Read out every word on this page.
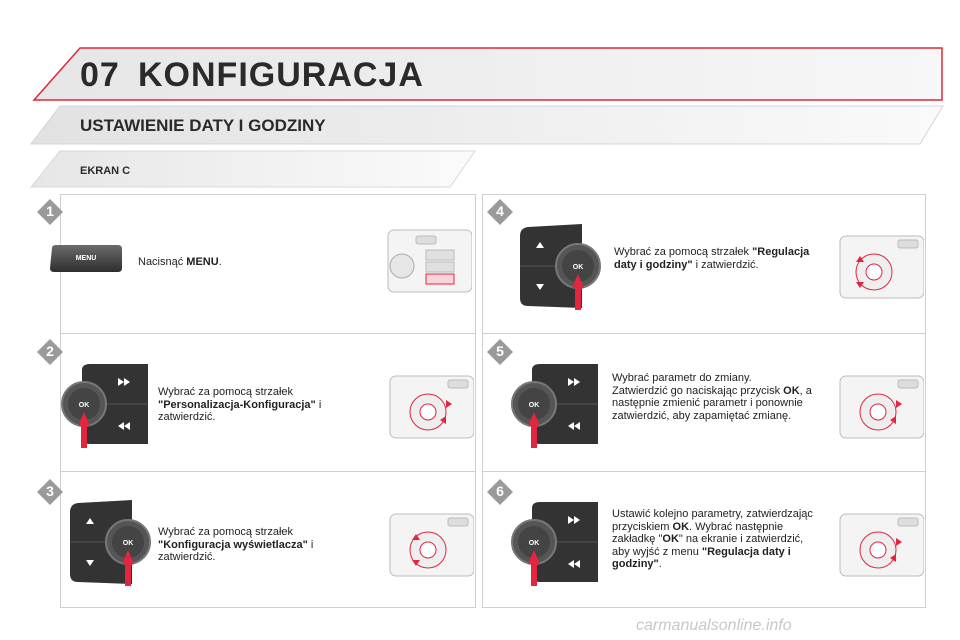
07 KONFIGURACJA
USTAWIENIE DATY I GODZINY
EKRAN C
1
2
3
4
5
6
MENU	Nacisnąć MENU.
OK
Wybrać za pomocą strzałek "Personalizacja-Konfiguracja" i zatwierdzić.
OK
Wybrać za pomocą strzałek "Konfiguracja wyświetlacza" i zatwierdzić.
OK
Wybrać za pomocą strzałek "Regulacja daty i godziny" i zatwierdzić.
OK
Wybrać parametr do zmiany.
Zatwierdzić go naciskając przycisk OK, a następnie zmienić parametr i ponownie zatwierdzić, aby zapamiętać zmianę.
OK
Ustawić kolejno parametry, zatwierdzając przyciskiem OK. Wybrać następnie zakładkę "OK" na ekranie i zatwierdzić, aby wyjść z menu "Regulacja daty i godziny".
carmanualsonline.info
